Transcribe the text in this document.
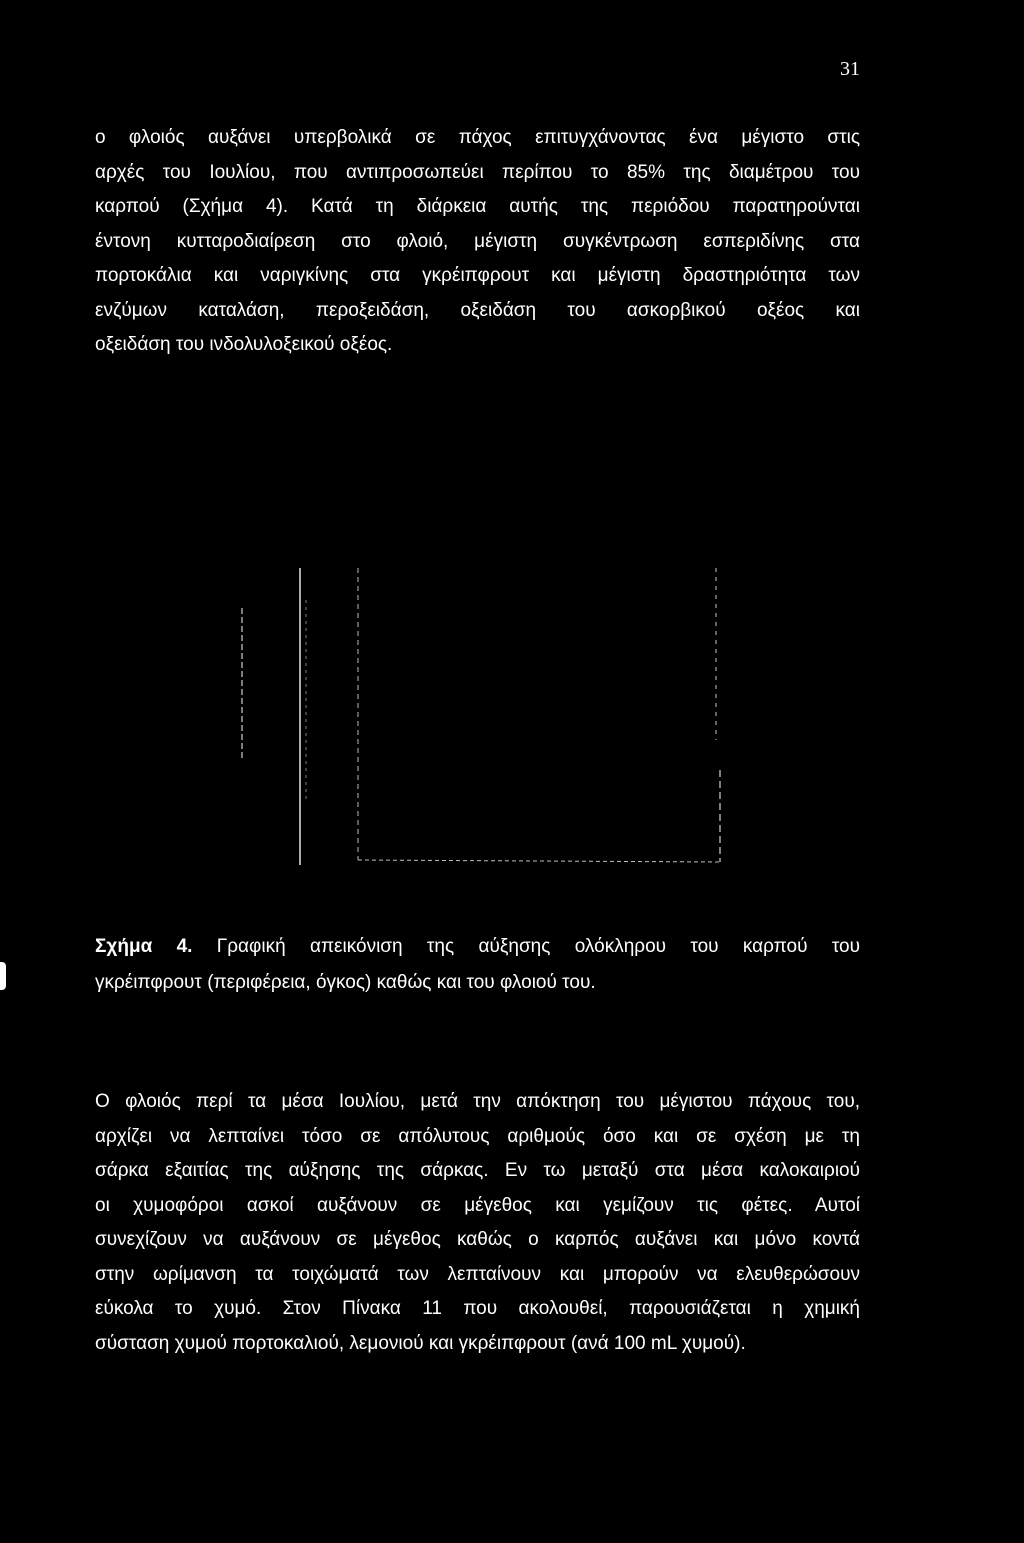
31
ο φλοιός αυξάνει υπερβολικά σε πάχος επιτυγχάνοντας ένα μέγιστο στις
αρχές του Ιουλίου, που αντιπροσωπεύει περίπου το 85% της διαμέτρου του
καρπού (Σχήμα 4). Κατά τη διάρκεια αυτής της περιόδου παρατηρούνται
έντονη κυτταροδιαίρεση στο φλοιό, μέγιστη συγκέντρωση εσπεριδίνης στα
πορτοκάλια και ναριγκίνης στα γκρέιπφρουτ και μέγιστη δραστηριότητα των
ενζύμων καταλάση, περοξειδάση, οξειδάση του ασκορβικού οξέος και
οξειδάση του ινδολυλοξεικού οξέος.
Σχήμα 4. Γραφική απεικόνιση της αύξησης ολόκληρου του καρπού του
γκρέιπφρουτ (περιφέρεια, όγκος) καθώς και του φλοιού του.
Ο φλοιός περί τα μέσα Ιουλίου, μετά την απόκτηση του μέγιστου πάχους του,
αρχίζει να λεπταίνει τόσο σε απόλυτους αριθμούς όσο και σε σχέση με τη
σάρκα εξαιτίας της αύξησης της σάρκας. Εν τω μεταξύ στα μέσα καλοκαιριού
οι χυμοφόροι ασκοί αυξάνουν σε μέγεθος και γεμίζουν τις φέτες. Αυτοί
συνεχίζουν να αυξάνουν σε μέγεθος καθώς ο καρπός αυξάνει και μόνο κοντά
στην ωρίμανση τα τοιχώματά των λεπταίνουν και μπορούν να ελευθερώσουν
εύκολα το χυμό. Στον Πίνακα 11 που ακολουθεί, παρουσιάζεται η χημική
σύσταση χυμού πορτοκαλιού, λεμονιού και γκρέιπφρουτ (ανά 100 mL χυμού).
